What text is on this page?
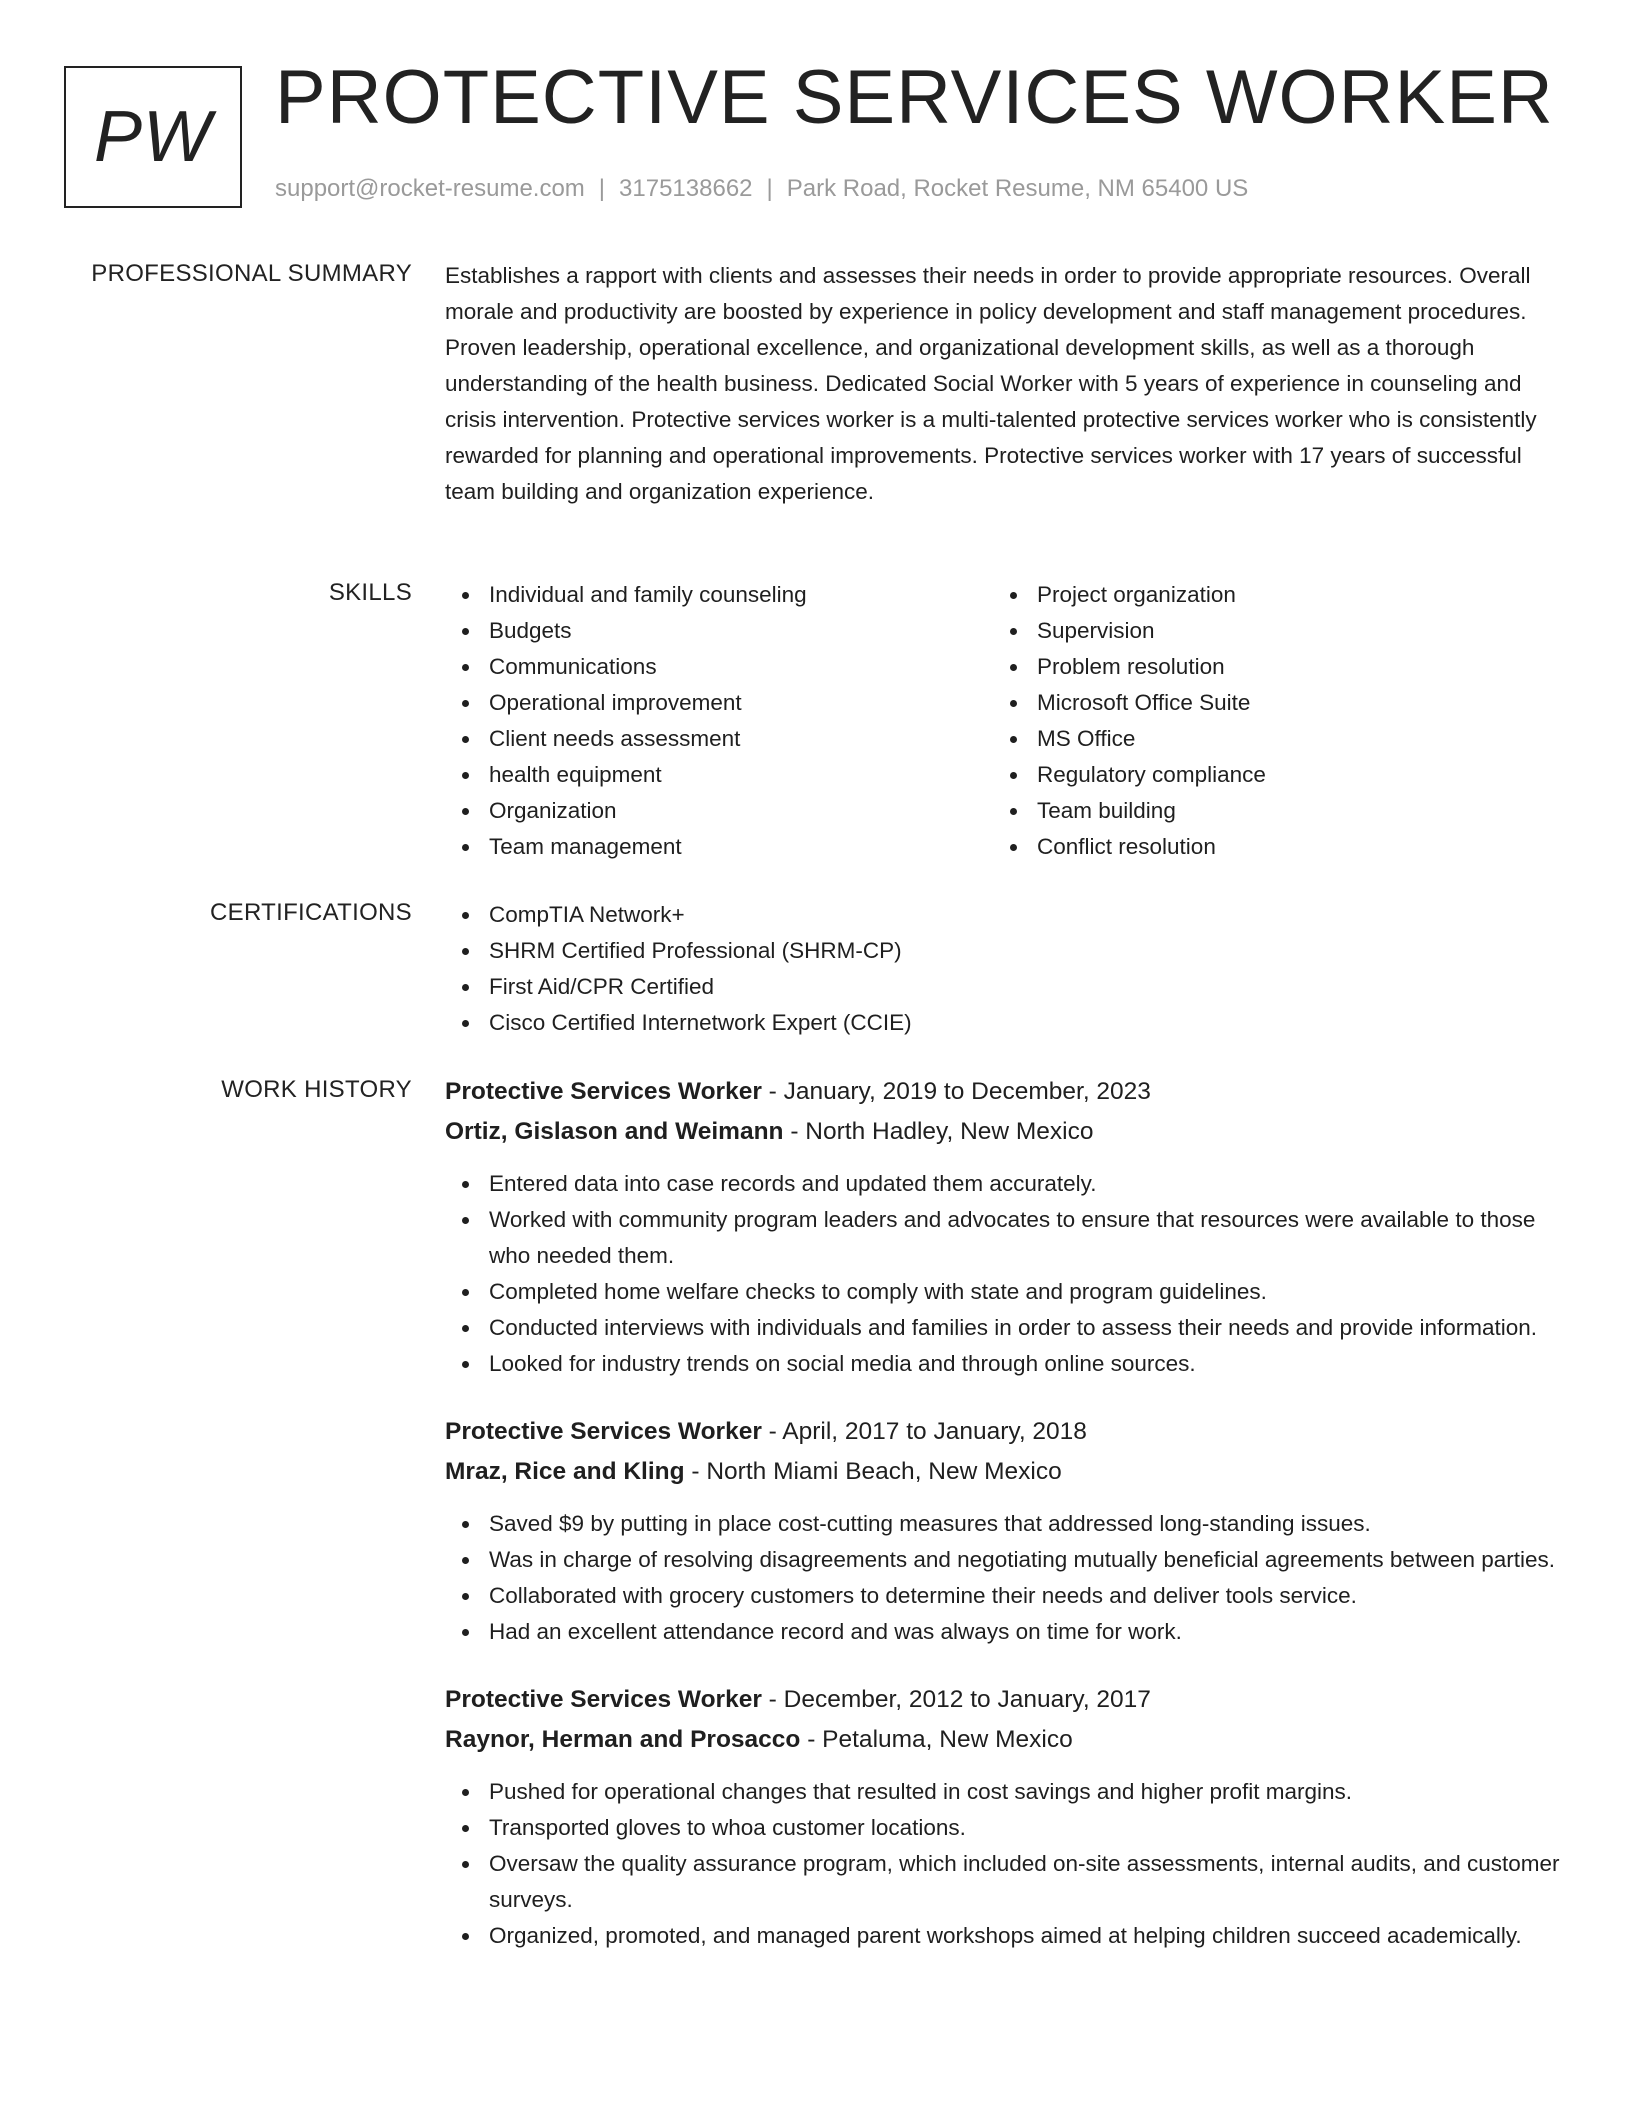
PW PROTECTIVE SERVICES WORKER
support@rocket-resume.com | 3175138662 | Park Road, Rocket Resume, NM 65400 US
PROFESSIONAL SUMMARY Establishes a rapport with clients and assesses their needs in order to provide appropriate resources. Overall morale and productivity are boosted by experience in policy development and staff management procedures. Proven leadership, operational excellence, and organizational development skills, as well as a thorough understanding of the health business. Dedicated Social Worker with 5 years of experience in counseling and crisis intervention. Protective services worker is a multi-talented protective services worker who is consistently rewarded for planning and operational improvements. Protective services worker with 17 years of successful team building and organization experience.

SKILLS	Individual and family counseling
Budgets
Communications
Operational improvement
Client needs assessment
health equipment
Organization
Team management
Project organization
Supervision
Problem resolution
Microsoft Office Suite
MS Office
Regulatory compliance
Team building
Conflict resolution
CERTIFICATIONS	CompTIA Network+
SHRM Certified Professional (SHRM-CP)
First Aid/CPR Certified
Cisco Certified Internetwork Expert (CCIE)
WORK HISTORY Protective Services Worker - January, 2019 to December, 2023
Ortiz, Gislason and Weimann - North Hadley, New Mexico
Entered data into case records and updated them accurately.
Worked with community program leaders and advocates to ensure that resources were available to those who needed them.
Completed home welfare checks to comply with state and program guidelines.
Conducted interviews with individuals and families in order to assess their needs and provide information.
Looked for industry trends on social media and through online sources.
Protective Services Worker - April, 2017 to January, 2018
Mraz, Rice and Kling - North Miami Beach, New Mexico
Saved $9 by putting in place cost-cutting measures that addressed long-standing issues.
Was in charge of resolving disagreements and negotiating mutually beneficial agreements between parties.
Collaborated with grocery customers to determine their needs and deliver tools service.
Had an excellent attendance record and was always on time for work.
Protective Services Worker - December, 2012 to January, 2017
Raynor, Herman and Prosacco - Petaluma, New Mexico
Pushed for operational changes that resulted in cost savings and higher profit margins.
Transported gloves to whoa customer locations.
Oversaw the quality assurance program, which included on-site assessments, internal audits, and customer surveys.
Organized, promoted, and managed parent workshops aimed at helping children succeed academically.
